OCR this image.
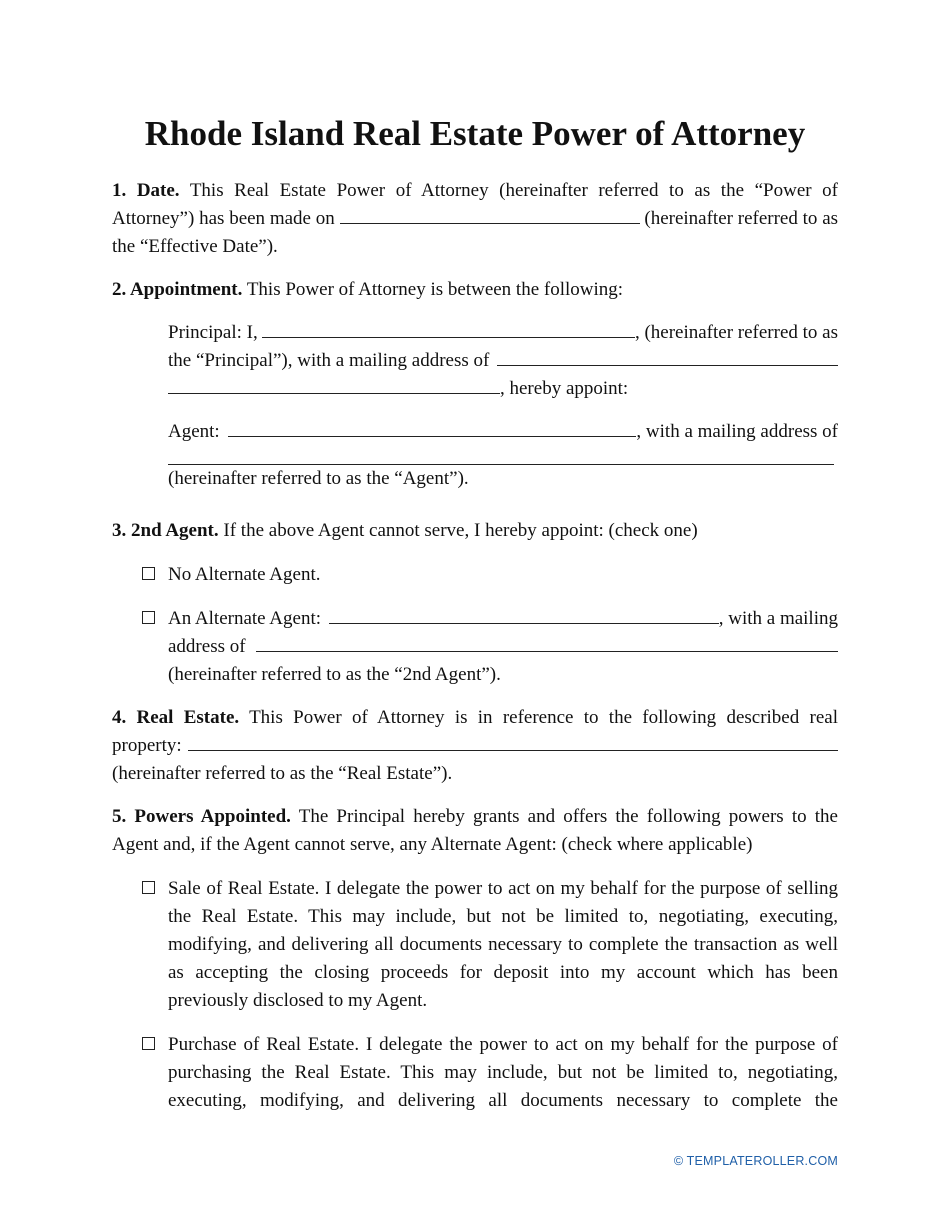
Rhode Island Real Estate Power of Attorney

1. Date. This Real Estate Power of Attorney (hereinafter referred to as the “Power of Attorney”) has been made on	(hereinafter referred to as the “Effective Date”).

2. Appointment. This Power of Attorney is between the following:

Principal: I,	, (hereinafter referred to as
the “Principal”), with a mailing address of
, hereby appoint:
Agent:	, with a mailing address of
(hereinafter referred to as the “Agent”).

3. 2nd Agent. If the above Agent cannot serve, I hereby appoint: (check one)

No Alternate Agent.
An Alternate Agent:	, with a mailing
address of
(hereinafter referred to as the “2nd Agent”).
4. Real Estate. This Power of Attorney is in reference to the following described real
property:
(hereinafter referred to as the “Real Estate”).

5. Powers Appointed. The Principal hereby grants and offers the following powers to the Agent and, if the Agent cannot serve, any Alternate Agent: (check where applicable)

Sale of Real Estate. I delegate the power to act on my behalf for the purpose of selling the Real Estate. This may include, but not be limited to, negotiating, executing, modifying, and delivering all documents necessary to complete the transaction as well as accepting the closing proceeds for deposit into my account which has been previously disclosed to my Agent.
Purchase of Real Estate. I delegate the power to act on my behalf for the purpose of purchasing the Real Estate. This may include, but not be limited to, negotiating, executing, modifying, and delivering all documents necessary to complete the
© TEMPLATEROLLER.COM
